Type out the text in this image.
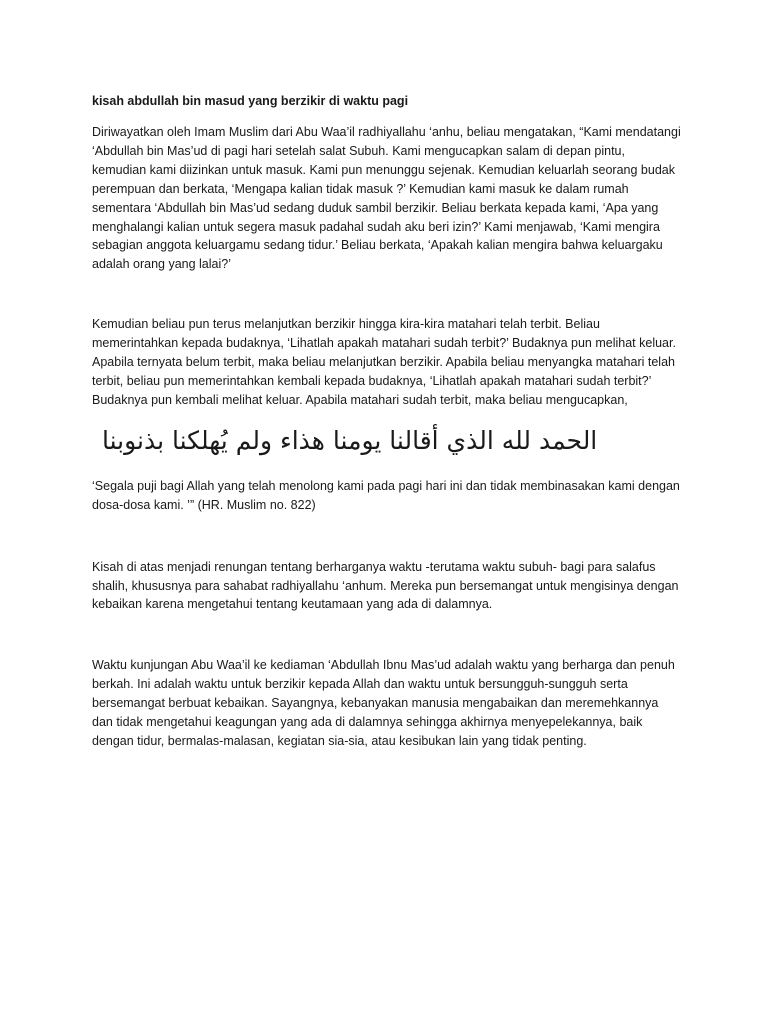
kisah abdullah bin masud yang berzikir di waktu pagi

Diriwayatkan oleh Imam Muslim dari Abu Waa’il radhiyallahu ‘anhu, beliau mengatakan, “Kami mendatangi ‘Abdullah bin Mas’ud di pagi hari setelah salat Subuh. Kami mengucapkan salam di depan pintu, kemudian kami diizinkan untuk masuk. Kami pun menunggu sejenak. Kemudian keluarlah seorang budak perempuan dan berkata, ‘Mengapa kalian tidak masuk ?’ Kemudian kami masuk ke dalam rumah sementara ‘Abdullah bin Mas’ud sedang duduk sambil berzikir. Beliau berkata kepada kami, ‘Apa yang menghalangi kalian untuk segera masuk padahal sudah aku beri izin?’ Kami menjawab, ‘Kami mengira sebagian anggota keluargamu sedang tidur.’ Beliau berkata, ‘Apakah kalian mengira bahwa keluargaku adalah orang yang lalai?’

Kemudian beliau pun terus melanjutkan berzikir hingga kira-kira matahari telah terbit. Beliau memerintahkan kepada budaknya, ‘Lihatlah apakah matahari sudah terbit?’ Budaknya pun melihat keluar. Apabila ternyata belum terbit, maka beliau melanjutkan berzikir. Apabila beliau menyangka matahari telah terbit, beliau pun memerintahkan kembali kepada budaknya, ‘Lihatlah apakah matahari sudah terbit?’ Budaknya pun kembali melihat keluar. Apabila matahari sudah terbit, maka beliau mengucapkan,

الحمد لله الذي أقالنا يومنا هذاء ولم يُهلكنا بذنوبنا

‘Segala puji bagi Allah yang telah menolong kami pada pagi hari ini dan tidak membinasakan kami dengan dosa-dosa kami. ’” (HR. Muslim no. 822)

Kisah di atas menjadi renungan tentang berharganya waktu -terutama waktu subuh- bagi para salafus shalih, khususnya para sahabat radhiyallahu ‘anhum. Mereka pun bersemangat untuk mengisinya dengan kebaikan karena mengetahui tentang keutamaan yang ada di dalamnya.

Waktu kunjungan Abu Waa’il ke kediaman ‘Abdullah Ibnu Mas’ud adalah waktu yang berharga dan penuh berkah. Ini adalah waktu untuk berzikir kepada Allah dan waktu untuk bersungguh-sungguh serta bersemangat berbuat kebaikan. Sayangnya, kebanyakan manusia mengabaikan dan meremehkannya dan tidak mengetahui keagungan yang ada di dalamnya sehingga akhirnya menyepelekannya, baik dengan tidur, bermalas-malasan, kegiatan sia-sia, atau kesibukan lain yang tidak penting.
